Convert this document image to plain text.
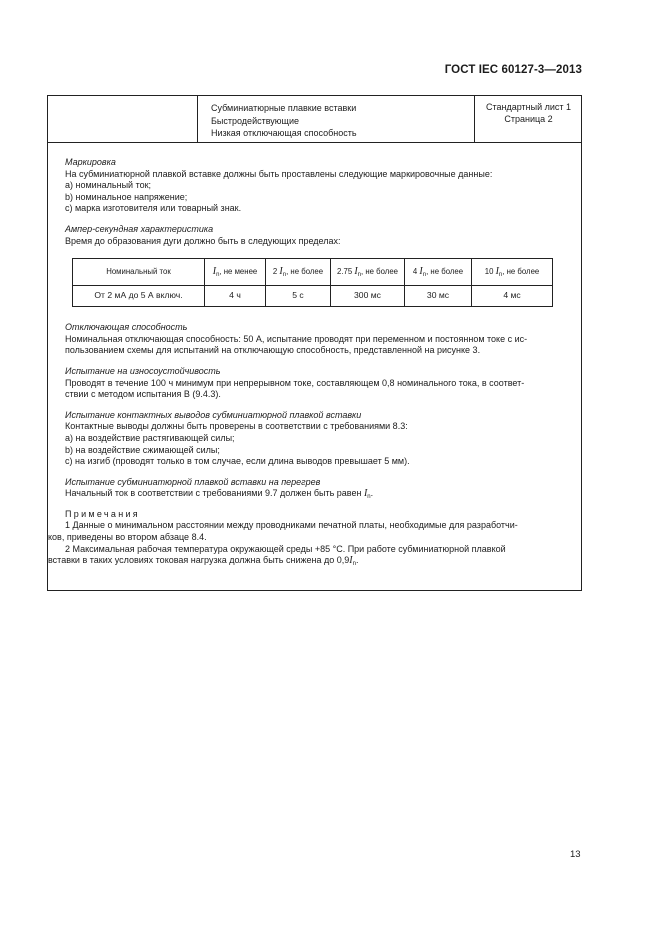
ГОСТ IEC 60127-3—2013
Субминиатюрные плавкие вставки
Быстродействующие
Низкая отключающая способность
Стандартный лист 1
Страница 2
Маркировка
На субминиатюрной плавкой вставке должны быть проставлены следующие маркировочные данные:
a) номинальный ток;
b) номинальное напряжение;
c) марка изготовителя или товарный знак.
Ампер-секундная характеристика
Время до образования дуги должно быть в следующих пределах:
Номинальный ток	$I_n$, не менее	2 $I_n$, не более	2.75 $I_n$, не более	4 $I_n$, не более	10 $I_n$, не более
От 2 мА до 5 А включ.	4 ч	5 с	300 мс	30 мс	4 мс
Отключающая способность
Номинальная отключающая способность: 50 А, испытание проводят при переменном и постоянном токе с ис-
пользованием схемы для испытаний на отключающую способность, представленной на рисунке 3.
Испытание на износоустойчивость
Проводят в течение 100 ч минимум при непрерывном токе, составляющем 0,8 номинального тока, в соответ-
ствии с методом испытания B (9.4.3).
Испытание контактных выводов субминиатюрной плавкой вставки
Контактные выводы должны быть проверены в соответствии с требованиями 8.3:
a) на воздействие растягивающей силы;
b) на воздействие сжимающей силы;
c) на изгиб (проводят только в том случае, если длина выводов превышает 5 мм).
Испытание субминиатюрной плавкой вставки на перегрев
Начальный ток в соответствии с требованиями 9.7 должен быть равен $I_n$.
Примечания
1 Данные о минимальном расстоянии между проводниками печатной платы, необходимые для разработчи-
ков, приведены во втором абзаце 8.4.
2 Максимальная рабочая температура окружающей среды +85 °С. При работе субминиатюрной плавкой
вставки в таких условиях токовая нагрузка должна быть снижена до $0,9I_n$.
13
